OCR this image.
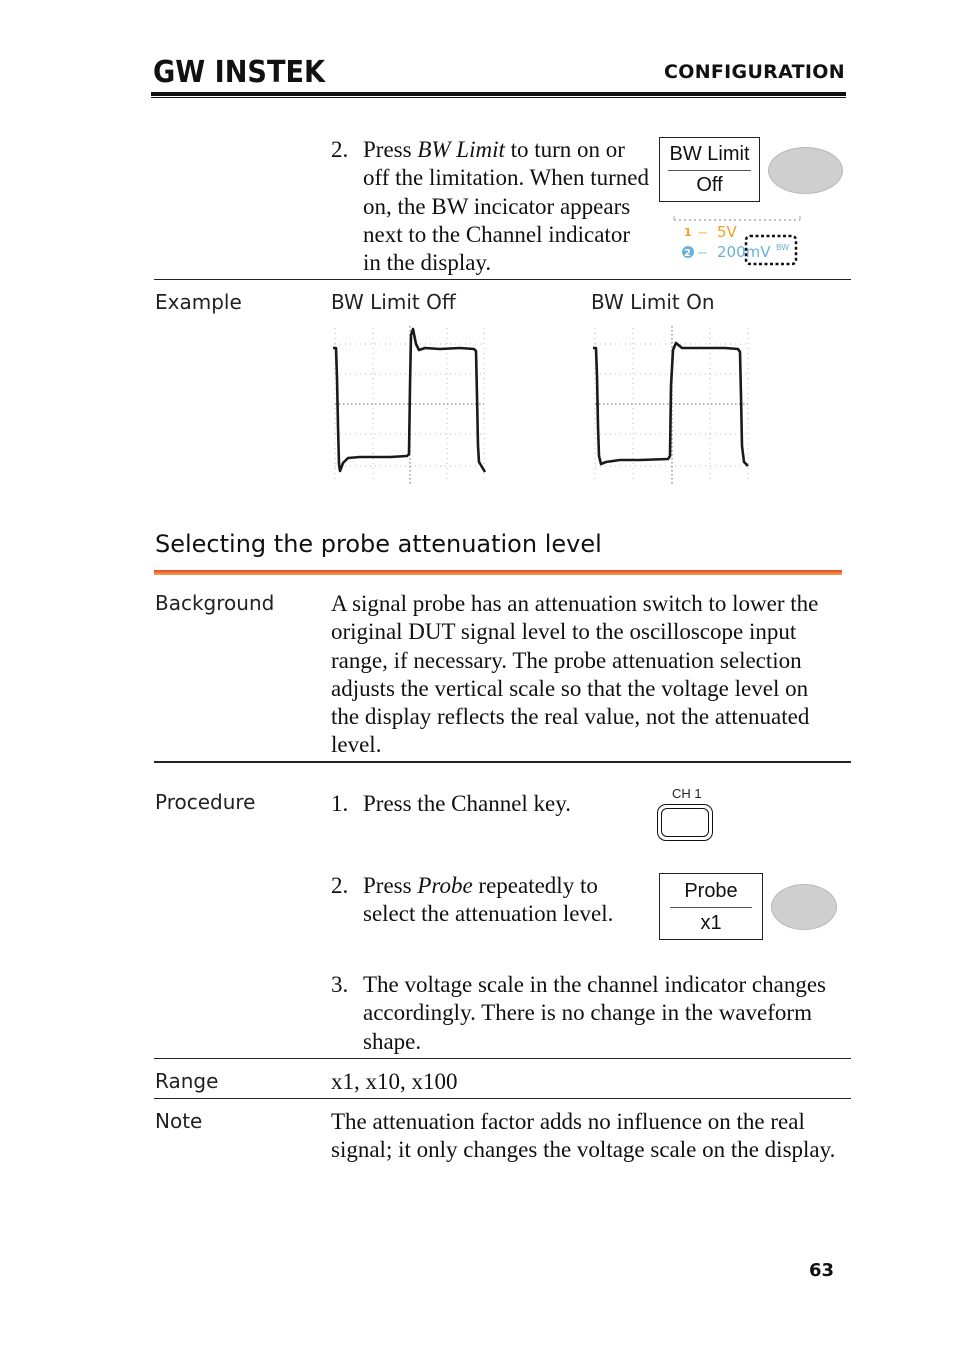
GW INSTEK	CONFIGURATION
2. Press BW Limit to turn on or off the limitation. When turned on, the BW incicator appears next to the Channel indicator in the display.
BW Limit
Off
1 ⎓ 5V
2 ⎓ 200mV BW
Example	BW Limit Off	BW Limit On
Selecting the probe attenuation level
Background A signal probe has an attenuation switch to lower the original DUT signal level to the oscilloscope input range, if necessary. The probe attenuation selection adjusts the vertical scale so that the voltage level on the display reflects the real value, not the attenuated level.
Procedure	1. Press the Channel key.	CH 1
2. Press Probe repeatedly to select the attenuation level.
Probe
x1
3. The voltage scale in the channel indicator changes accordingly. There is no change in the waveform shape.
Range	x1, x10, x100
Note	The attenuation factor adds no influence on the real signal; it only changes the voltage scale on the display.
63
